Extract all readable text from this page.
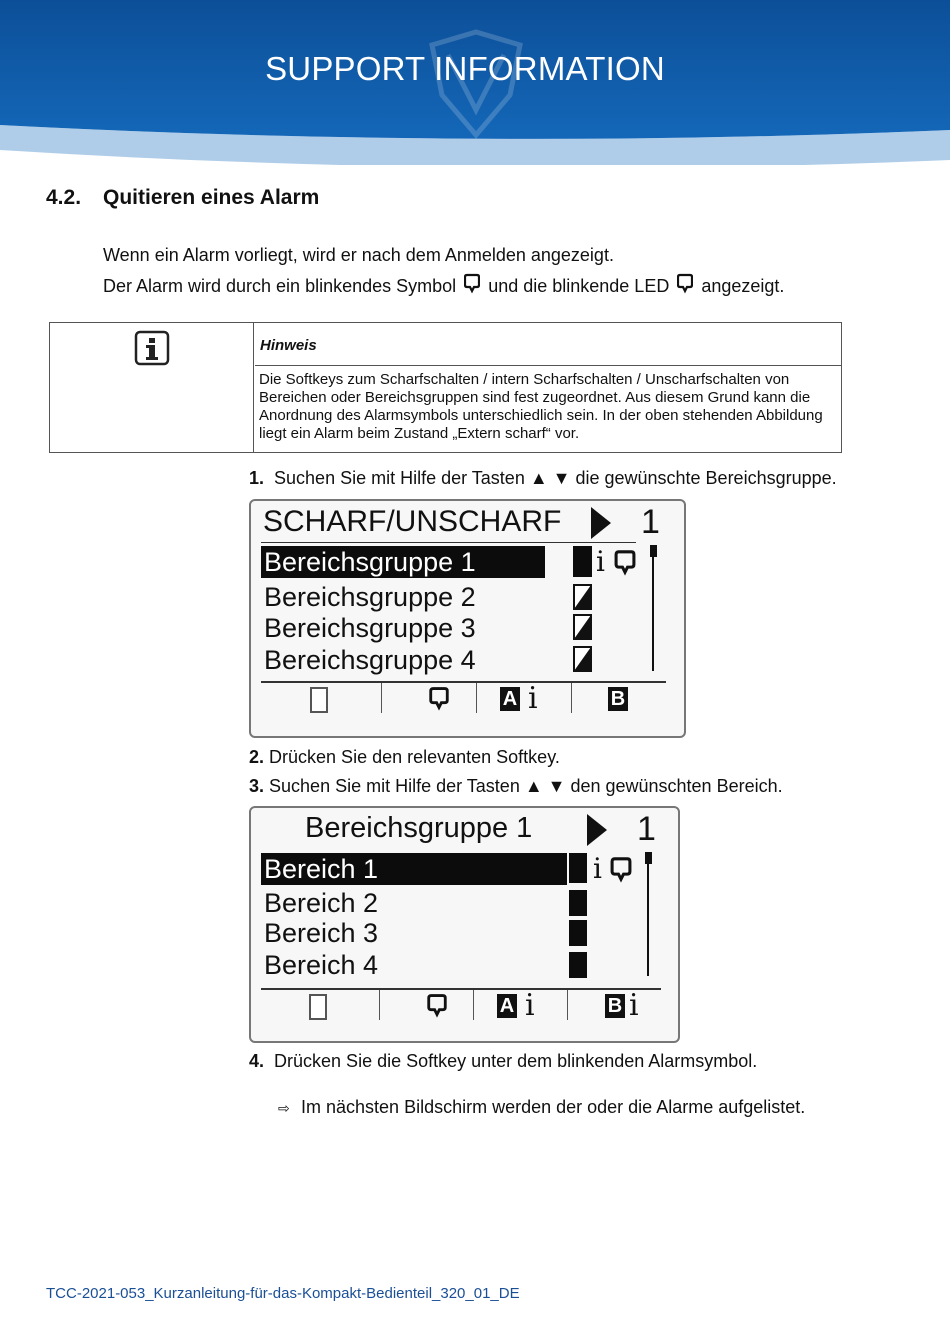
SUPPORT INFORMATION
4.2. Quitieren eines Alarm
Wenn ein Alarm vorliegt, wird er nach dem Anmelden angezeigt.
Der Alarm wird durch ein blinkendes Symbol und die blinkende LED angezeigt.
Hinweis
Die Softkeys zum Scharfschalten / intern Scharfschalten / Unscharfschalten von Bereichen oder Bereichsgruppen sind fest zugeordnet. Aus diesem Grund kann die Anordnung des Alarmsymbols unterschiedlich sein. In der oben stehenden Abbildung liegt ein Alarm beim Zustand „Extern scharf“ vor.
1. Suchen Sie mit Hilfe der Tasten ▲ ▼ die gewünschte Bereichsgruppe.
SCHARF/UNSCHARF 1
Bereichsgruppe 1	i
Bereichsgruppe 2
Bereichsgruppe 3
Bereichsgruppe 4
A i	B
2. Drücken Sie den relevanten Softkey.
3. Suchen Sie mit Hilfe der Tasten ▲ ▼ den gewünschten Bereich.
Bereichsgruppe 1	1
Bereich 1	i
Bereich 2
Bereich 3
Bereich 4
A i	B i
4. Drücken Sie die Softkey unter dem blinkenden Alarmsymbol.
⇨ Im nächsten Bildschirm werden der oder die Alarme aufgelistet.
TCC-2021-053_Kurzanleitung-für-das-Kompakt-Bedienteil_320_01_DE
